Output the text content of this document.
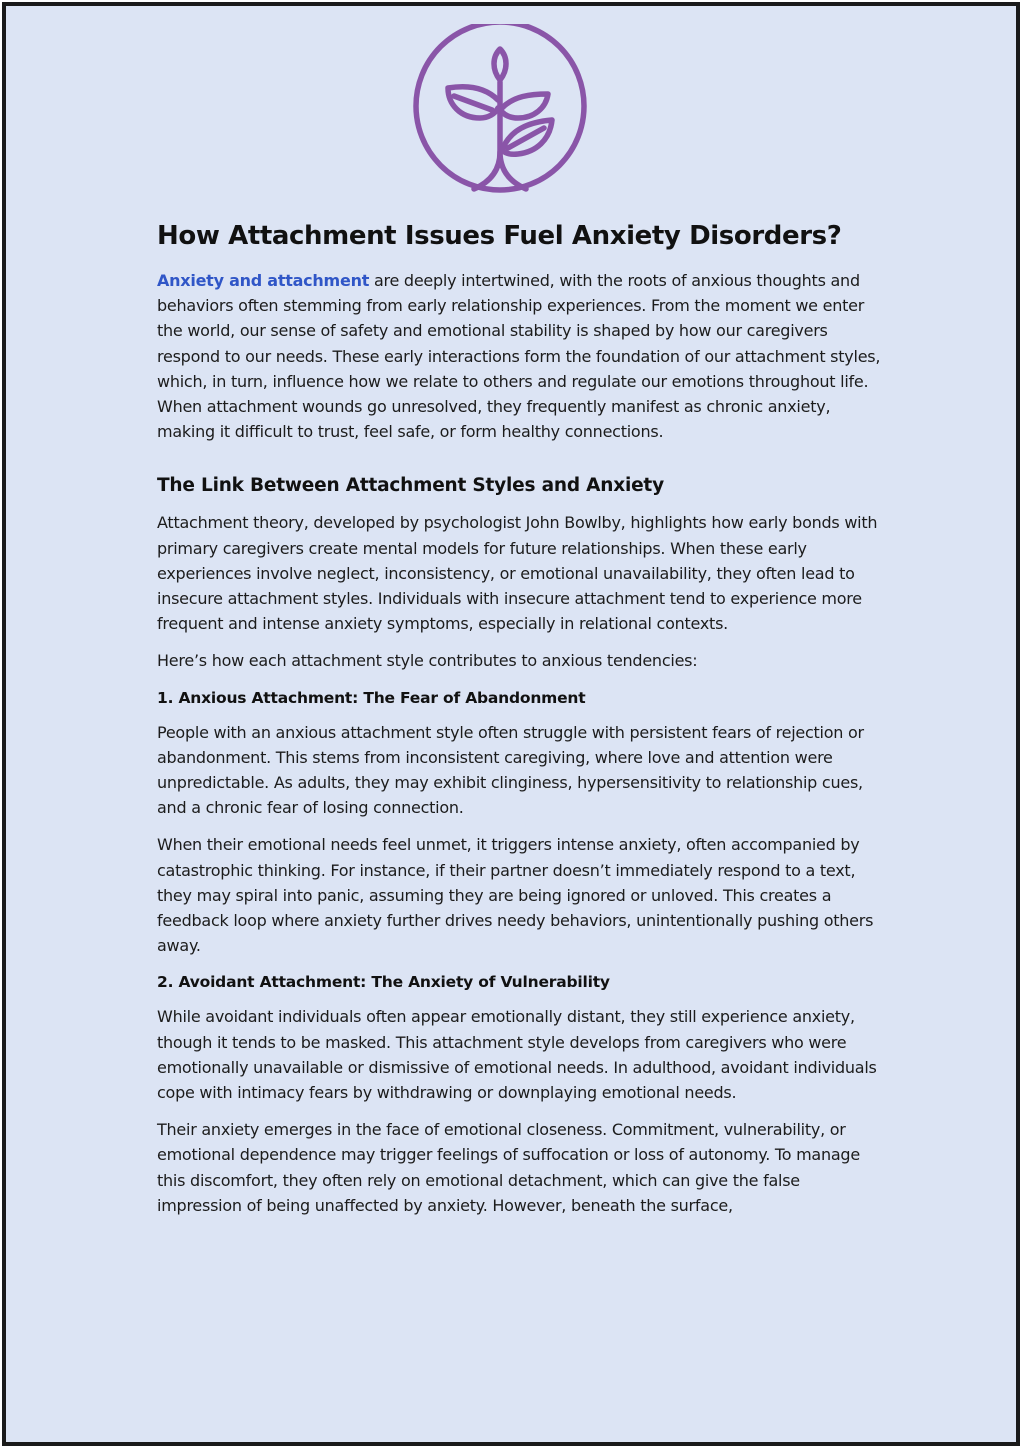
How Attachment Issues Fuel Anxiety Disorders?

Anxiety and attachment are deeply intertwined, with the roots of anxious thoughts and behaviors often stemming from early relationship experiences. From the moment we enter the world, our sense of safety and emotional stability is shaped by how our caregivers respond to our needs. These early interactions form the foundation of our attachment styles, which, in turn, influence how we relate to others and regulate our emotions throughout life. When attachment wounds go unresolved, they frequently manifest as chronic anxiety, making it difficult to trust, feel safe, or form healthy connections.

The Link Between Attachment Styles and Anxiety

Attachment theory, developed by psychologist John Bowlby, highlights how early bonds with primary caregivers create mental models for future relationships. When these early experiences involve neglect, inconsistency, or emotional unavailability, they often lead to insecure attachment styles. Individuals with insecure attachment tend to experience more frequent and intense anxiety symptoms, especially in relational contexts.

Here’s how each attachment style contributes to anxious tendencies:

1. Anxious Attachment: The Fear of Abandonment

People with an anxious attachment style often struggle with persistent fears of rejection or abandonment. This stems from inconsistent caregiving, where love and attention were unpredictable. As adults, they may exhibit clinginess, hypersensitivity to relationship cues, and a chronic fear of losing connection.

When their emotional needs feel unmet, it triggers intense anxiety, often accompanied by catastrophic thinking. For instance, if their partner doesn’t immediately respond to a text, they may spiral into panic, assuming they are being ignored or unloved. This creates a feedback loop where anxiety further drives needy behaviors, unintentionally pushing others away.

2. Avoidant Attachment: The Anxiety of Vulnerability

While avoidant individuals often appear emotionally distant, they still experience anxiety, though it tends to be masked. This attachment style develops from caregivers who were emotionally unavailable or dismissive of emotional needs. In adulthood, avoidant individuals cope with intimacy fears by withdrawing or downplaying emotional needs.

Their anxiety emerges in the face of emotional closeness. Commitment, vulnerability, or emotional dependence may trigger feelings of suffocation or loss of autonomy. To manage this discomfort, they often rely on emotional detachment, which can give the false impression of being unaffected by anxiety. However, beneath the surface,
